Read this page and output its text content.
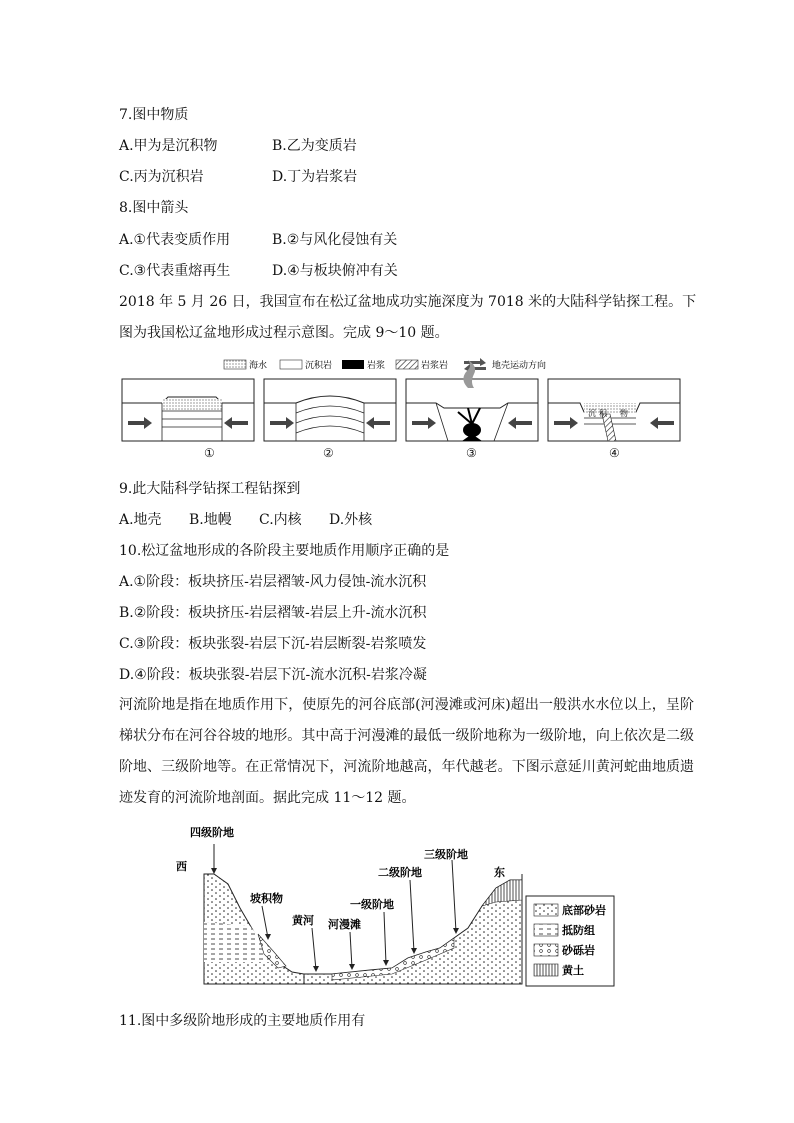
7.图中物质
A.甲为是沉积物	B.乙为变质岩
C.丙为沉积岩	D.丁为岩浆岩
8.图中箭头
A.①代表变质作用	B.②与风化侵蚀有关
C.③代表重熔再生	D.④与板块俯冲有关
2018 年 5 月 26 日，我国宣布在松辽盆地成功实施深度为 7018 米的大陆科学钻探工程。下
图为我国松辽盆地形成过程示意图。完成 9～10 题。
海水	沉积岩	岩浆	岩浆岩	地壳运动方向
沉 积 物
①	②	③	④
9.此大陆科学钻探工程钻探到
A.地壳 B.地幔 C.内核 D.外核
10.松辽盆地形成的各阶段主要地质作用顺序正确的是
A.①阶段：板块挤压-岩层褶皱-风力侵蚀-流水沉积
B.②阶段：板块挤压-岩层褶皱-岩层上升-流水沉积
C.③阶段：板块张裂-岩层下沉-岩层断裂-岩浆喷发
D.④阶段：板块张裂-岩层下沉-流水沉积-岩浆冷凝
河流阶地是指在地质作用下，使原先的河谷底部(河漫滩或河床)超出一般洪水水位以上，呈阶梯状分布在河谷谷坡的地形。其中高于河漫滩的最低一级阶地称为一级阶地，向上依次是二级阶地、三级阶地等。在正常情况下，河流阶地越高，年代越老。下图示意延川黄河蛇曲地质遗迹发育的河流阶地剖面。据此完成 11～12 题。
四级阶地
西
坡积物
黄河 河漫滩
一级阶地
二级阶地
三级阶地
东
底部砂岩
抵防组
砂砾岩
黄土
11.图中多级阶地形成的主要地质作用有
